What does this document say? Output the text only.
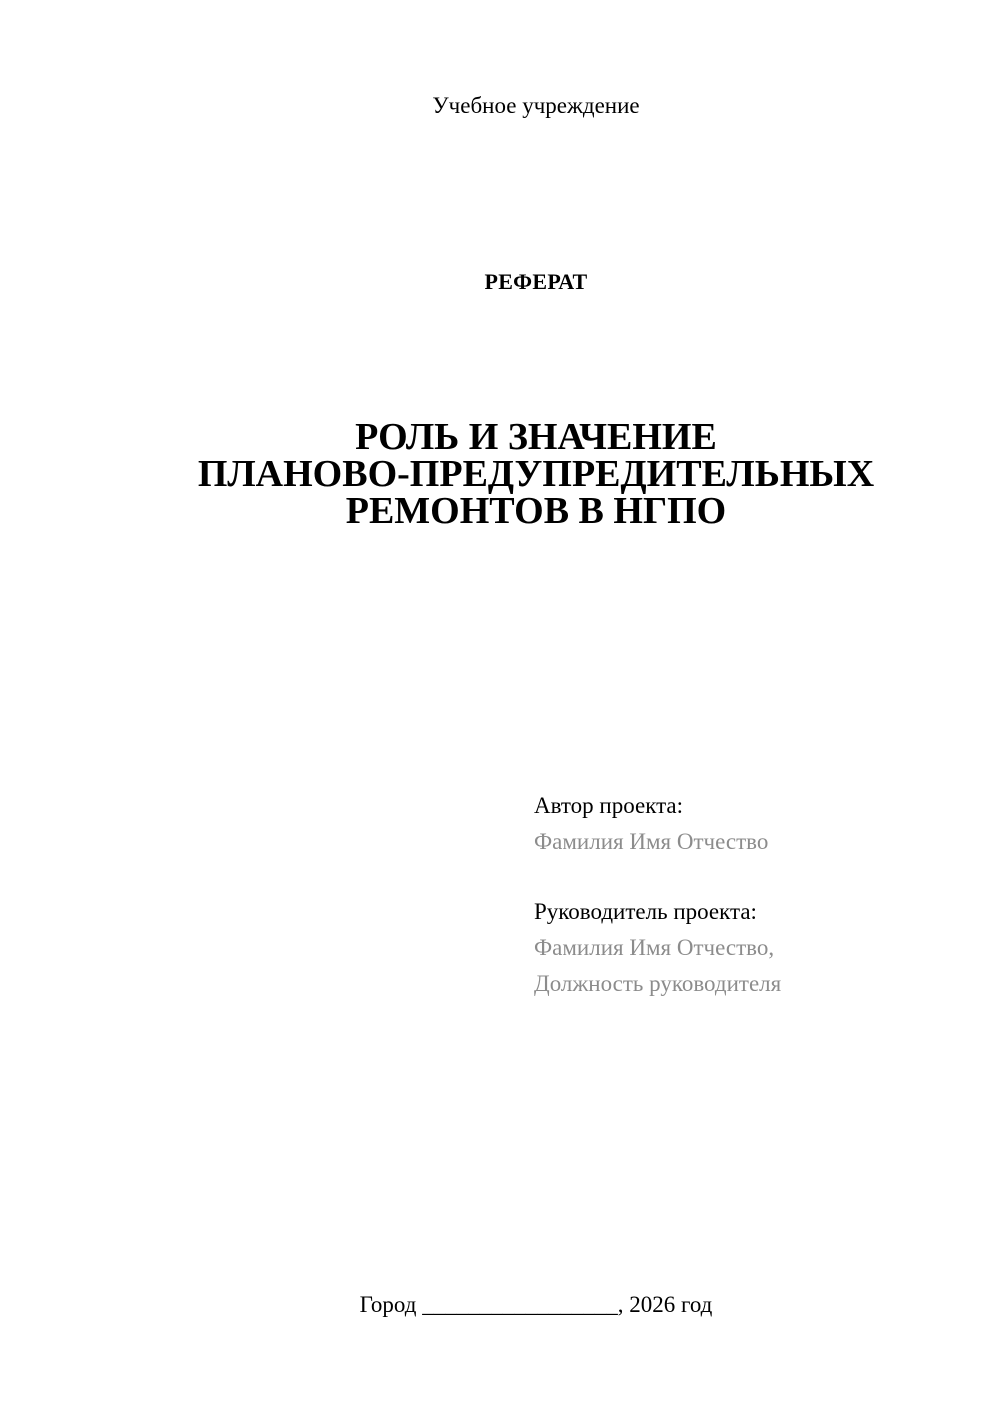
Учебное учреждение
РЕФЕРАТ
РОЛЬ И ЗНАЧЕНИЕ
ПЛАНОВО-ПРЕДУПРЕДИТЕЛЬНЫХ
РЕМОНТОВ В НГПО
Автор проекта:
Фамилия Имя Отчество
Руководитель проекта:
Фамилия Имя Отчество,
Должность руководителя
Город _________________, 2026 год
